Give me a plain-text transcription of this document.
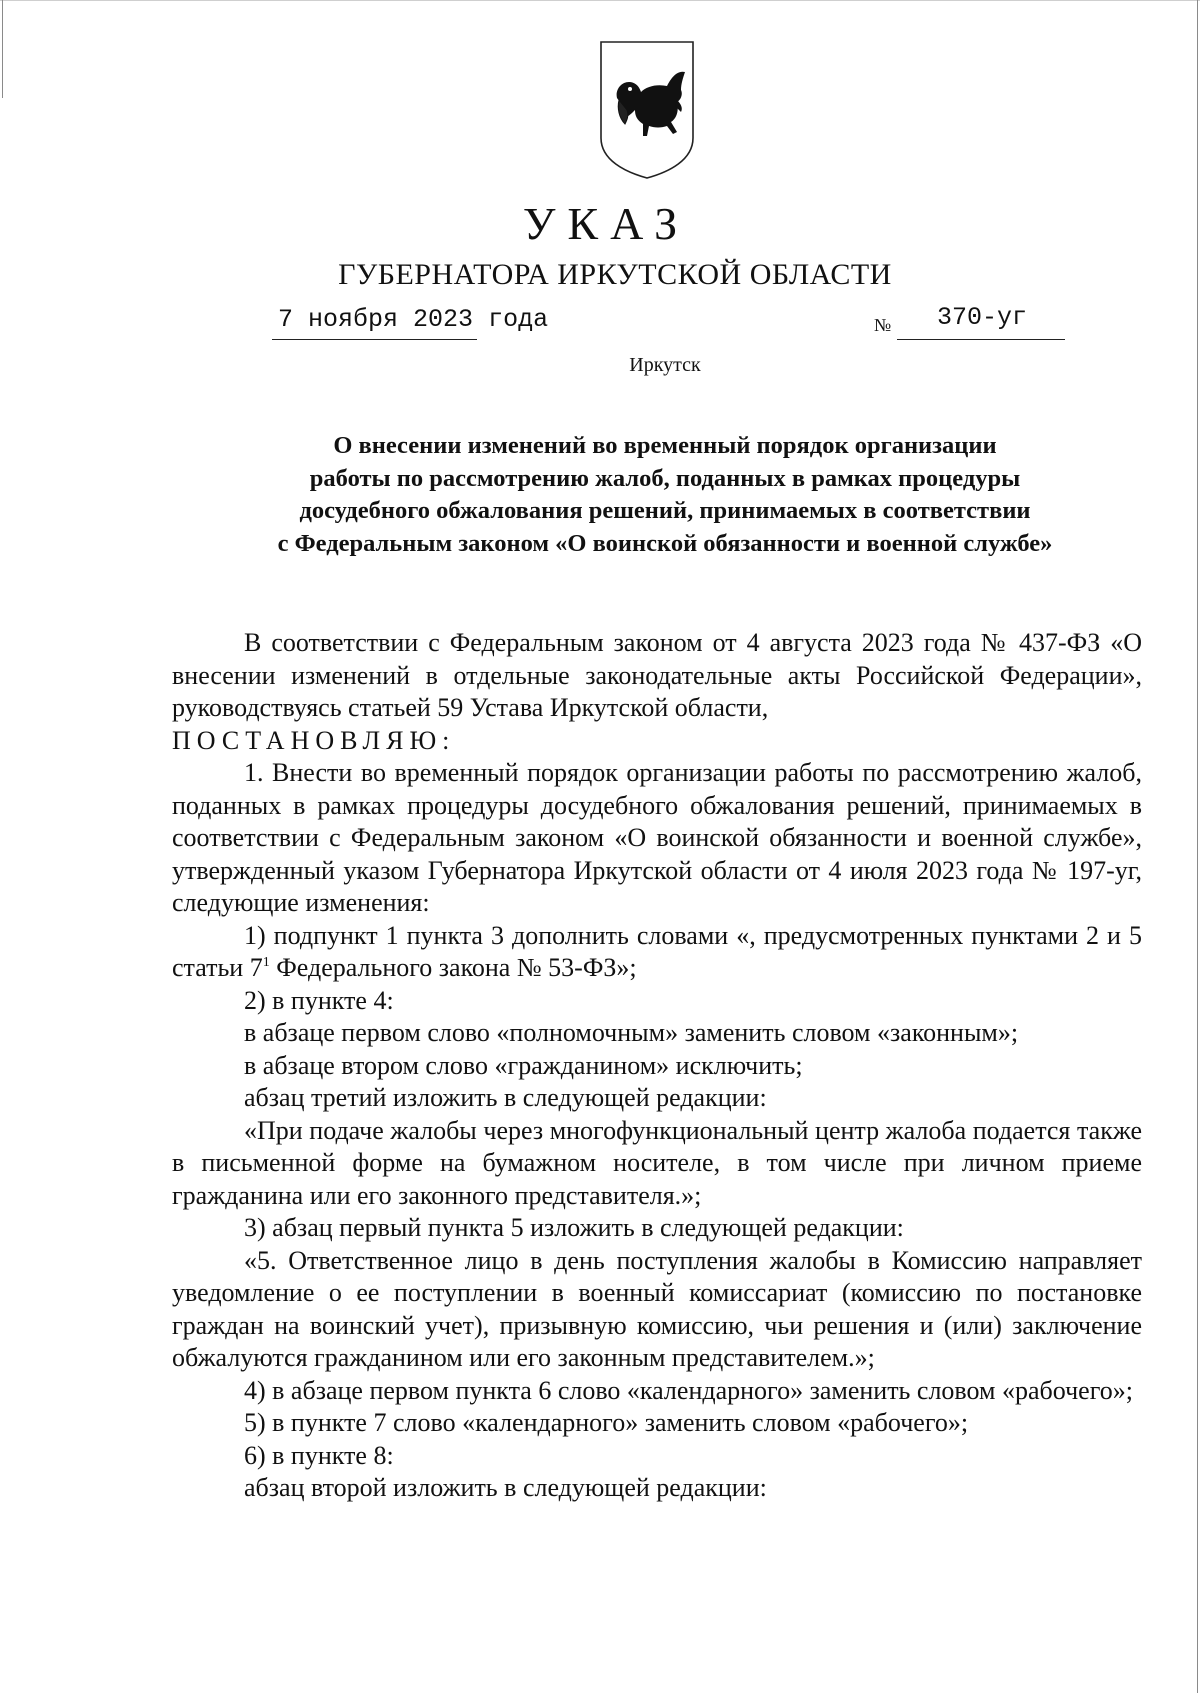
УКАЗ
ГУБЕРНАТОРА ИРКУТСКОЙ ОБЛАСТИ
7 ноября 2023 года	№ 370-уг
Иркутск
О внесении изменений во временный порядок организации
работы по рассмотрению жалоб, поданных в рамках процедуры
досудебного обжалования решений, принимаемых в соответствии
с Федеральным законом «О воинской обязанности и военной службе»

В соответствии с Федеральным законом от 4 августа 2023 года № 437-ФЗ «О внесении изменений в отдельные законодательные акты Российской Федерации», руководствуясь статьей 59 Устава Иркутской области,

ПОСТАНОВЛЯЮ:

1. Внести во временный порядок организации работы по рассмотрению жалоб, поданных в рамках процедуры досудебного обжалования решений, принимаемых в соответствии с Федеральным законом «О воинской обязанности и военной службе», утвержденный указом Губернатора Иркутской области от 4 июля 2023 года № 197-уг, следующие изменения:

1) подпункт 1 пункта 3 дополнить словами «, предусмотренных пунктами 2 и 5 статьи $7^1$ Федерального закона № 53-ФЗ»;

2) в пункте 4:

в абзаце первом слово «полномочным» заменить словом «законным»;

в абзаце втором слово «гражданином» исключить;

абзац третий изложить в следующей редакции:

«При подаче жалобы через многофункциональный центр жалоба подается также в письменной форме на бумажном носителе, в том числе при личном приеме гражданина или его законного представителя.»;

3) абзац первый пункта 5 изложить в следующей редакции:

«5. Ответственное лицо в день поступления жалобы в Комиссию направляет уведомление о ее поступлении в военный комиссариат (комиссию по постановке граждан на воинский учет), призывную комиссию, чьи решения и (или) заключение обжалуются гражданином или его законным представителем.»;

4) в абзаце первом пункта 6 слово «календарного» заменить словом «рабочего»;

5) в пункте 7 слово «календарного» заменить словом «рабочего»;

6) в пункте 8:

абзац второй изложить в следующей редакции:
